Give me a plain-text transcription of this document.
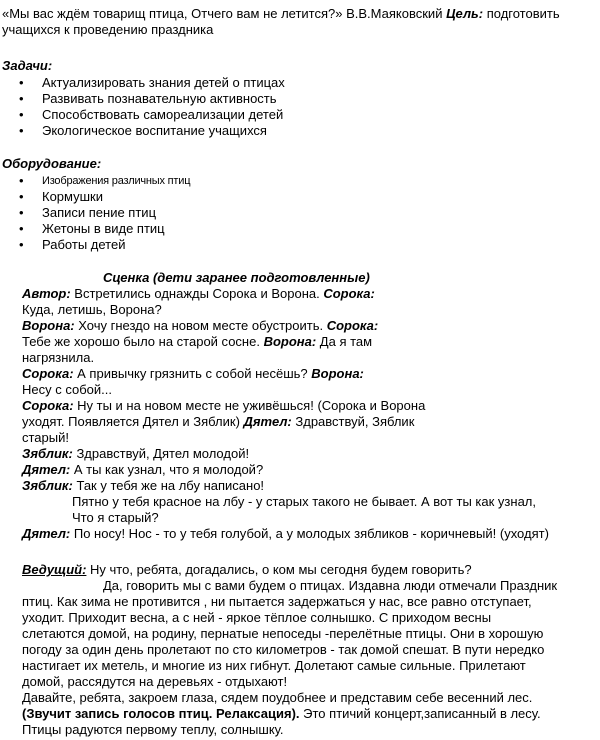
«Мы вас ждём товарищ птица, Отчего вам не летится?» В.В.Маяковский Цель: подготовить
учащихся к проведению праздника
Задачи:
• Актуализировать знания детей о птицах
• Развивать познавательную активность
• Способствовать самореализации детей
• Экологическое воспитание учащихся
Оборудование:
• Изображения различных птиц
• Кормушки
• Записи пение птиц
• Жетоны в виде птиц
• Работы детей
Сценка (дети заранее подготовленные)
Автор: Встретились однажды Сорока и Ворона. Сорока:
Куда, летишь, Ворона?
Ворона: Хочу гнездо на новом месте обустроить. Сорока:
Тебе же хорошо было на старой сосне. Ворона: Да я там
нагрязнила.
Сорока: А привычку грязнить с собой несёшь? Ворона:
Несу с собой...
Сорока: Ну ты и на новом месте не уживёшься! (Сорока и Ворона
уходят. Появляется Дятел и Зяблик) Дятел: Здравствуй, Зяблик
старый!
Зяблик: Здравствуй, Дятел молодой!
Дятел: А ты как узнал, что я молодой?
Зяблик: Так у тебя же на лбу написано!
Пятно у тебя красное на лбу - у старых такого не бывает. А вот ты как узнал,
Что я старый?
Дятел: По носу! Нос - то у тебя голубой, а у молодых зябликов - коричневый! (уходят)
Ведущий: Ну что, ребята, догадались, о ком мы сегодня будем говорить?
Да, говорить мы с вами будем о птицах. Издавна люди отмечали Праздник
птиц. Как зима не противится , ни пытается задержаться у нас, все равно отступает,
уходит. Приходит весна, а с ней - яркое тёплое солнышко. С приходом весны
слетаются домой, на родину, пернатые непоседы -перелётные птицы. Они в хорошую
погоду за один день пролетают по сто километров - так домой спешат. В пути нередко
настигает их метель, и многие из них гибнут. Долетают самые сильные. Прилетают
домой, рассядутся на деревьях - отдыхают!
Давайте, ребята, закроем глаза, сядем поудобнее и представим себе весенний лес.
(Звучит запись голосов птиц. Релаксация). Это птичий концерт,записанный в лесу.
Птицы радуются первому теплу, солнышку.
